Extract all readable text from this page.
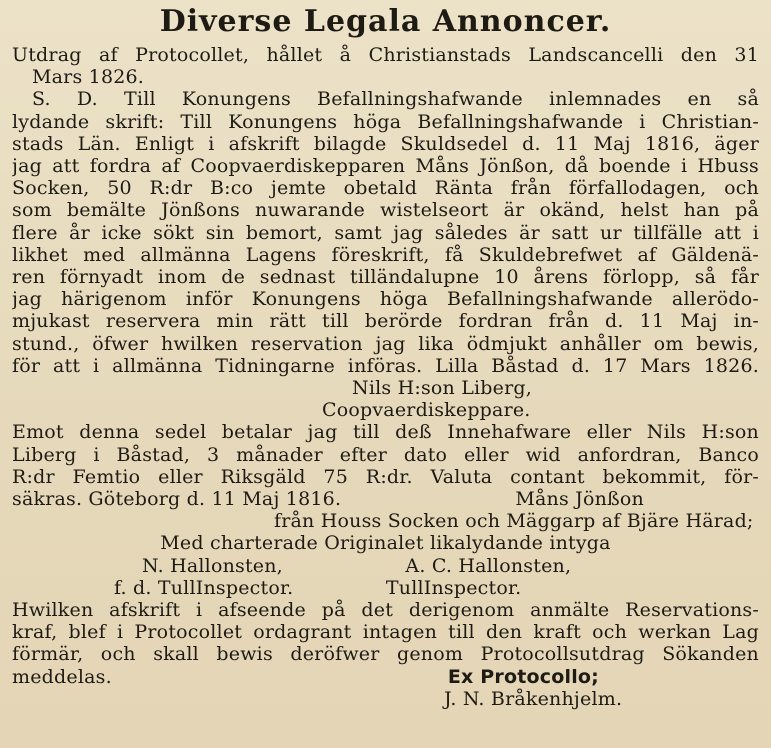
Diverse Legala Annoncer.
Utdrag af Protocollet, hållet å Christianstads Landscancelli den 31
Mars 1826.
S. D. Till Konungens Befallningshafwande inlemnades en så
lydande skrift: Till Konungens höga Befallningshafwande i Christian-
stads Län. Enligt i afskrift bilagde Skuldsedel d. 11 Maj 1816, äger
jag att fordra af Coopvaerdiskepparen Måns Jönßon, då boende i Hbuss
Socken, 50 R:dr B:co jemte obetald Ränta från förfallodagen, och
som bemälte Jönßons nuwarande wistelseort är okänd, helst han på
flere år icke sökt sin bemort, samt jag således är satt ur tillfälle att i
likhet med allmänna Lagens föreskrift, få Skuldebrefwet af Gäldenä-
ren förnyadt inom de sednast tilländalupne 10 årens förlopp, så får
jag härigenom inför Konungens höga Befallningshafwande allerödo-
mjukast reservera min rätt till berörde fordran från d. 11 Maj in-
stund., öfwer hwilken reservation jag lika ödmjukt anhåller om bewis,
för att i allmänna Tidningarne införas. Lilla Båstad d. 17 Mars 1826.
Nils H:son Liberg,
Coopvaerdiskeppare.
Emot denna sedel betalar jag till deß Innehafware eller Nils H:son
Liberg i Båstad, 3 månader efter dato eller wid anfordran, Banco
R:dr Femtio eller Riksgäld 75 R:dr. Valuta contant bekommit, för-
säkras. Göteborg d. 11 Maj 1816.	Måns Jönßon
från Houss Socken och Mäggarp af Bjäre Härad;
Med charterade Originalet likalydande intyga
N. Hallonsten,	A. C. Hallonsten,
f. d. TullInspector.	TullInspector.
Hwilken afskrift i afseende på det derigenom anmälte Reservations-
kraf, blef i Protocollet ordagrant intagen till den kraft och werkan Lag
förmär, och skall bewis deröfwer genom Protocollsutdrag Sökanden
meddelas.	Ex Protocollo;
J. N. Bråkenhjelm.
